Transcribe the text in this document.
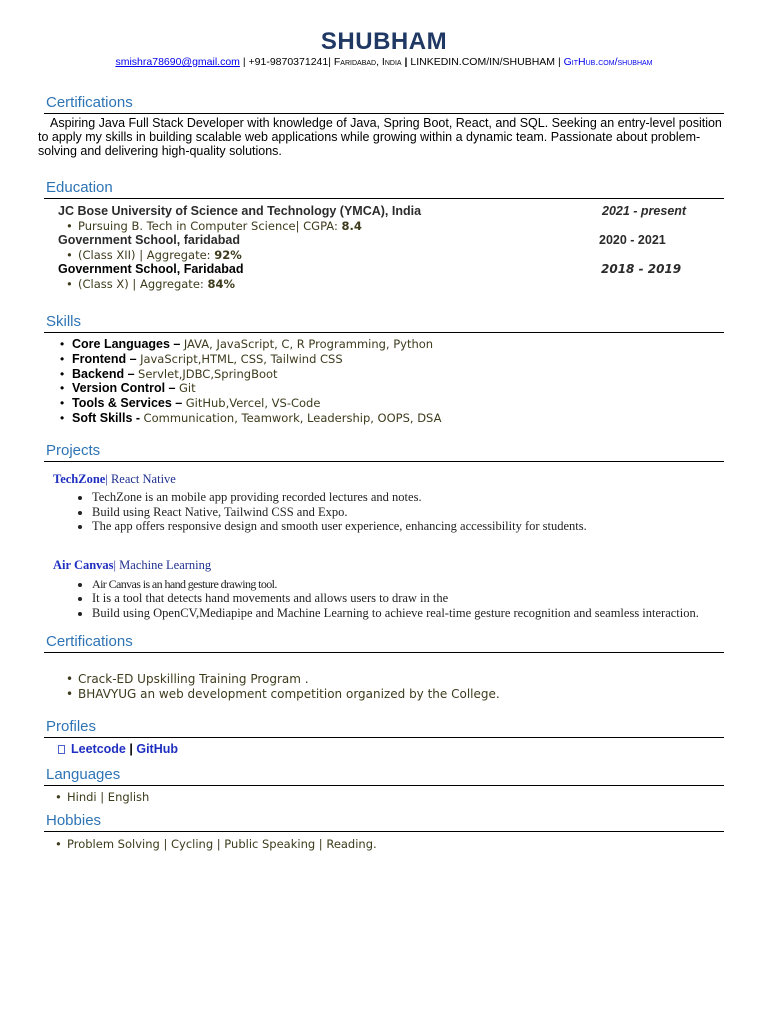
SHUBHAM
smishra78690@gmail.com | +91-9870371241| Faridabad, India | LINKEDIN.COM/IN/SHUBHAM | GitHub.com/shubham
Certifications
Aspiring Java Full Stack Developer with knowledge of Java, Spring Boot, React, and SQL. Seeking an entry-level position to apply my skills in building scalable web applications while growing within a dynamic team. Passionate about problem-solving and delivering high-quality solutions.
Education
JC Bose University of Science and Technology (YMCA), India	2021 - present
• Pursuing B. Tech in Computer Science| CGPA: 8.4
Government School, faridabad	2020 - 2021
• (Class XII) | Aggregate: 92%
Government School, Faridabad	2018 - 2019
• (Class X) | Aggregate: 84%
Skills
• Core Languages – JAVA, JavaScript, C, R Programming, Python
• Frontend – JavaScript,HTML, CSS, Tailwind CSS
• Backend – Servlet,JDBC,SpringBoot
• Version Control – Git
• Tools & Services – GitHub,Vercel, VS-Code
• Soft Skills - Communication, Teamwork, Leadership, OOPS, DSA
Projects
TechZone| React Native
• TechZone is an mobile app providing recorded lectures and notes.
• Build using React Native, Tailwind CSS and Expo.
• The app offers responsive design and smooth user experience, enhancing accessibility for students.
Air Canvas| Machine Learning
• Air Canvas is an hand gesture drawing tool.
• It is a tool that detects hand movements and allows users to draw in the
• Build using OpenCV,Mediapipe and Machine Learning to achieve real-time gesture recognition and seamless interaction.
Certifications
• Crack-ED Upskilling Training Program .
• BHAVYUG an web development competition organized by the College.
Profiles
Leetcode | GitHub
Languages
• Hindi | English
Hobbies
• Problem Solving | Cycling | Public Speaking | Reading.
